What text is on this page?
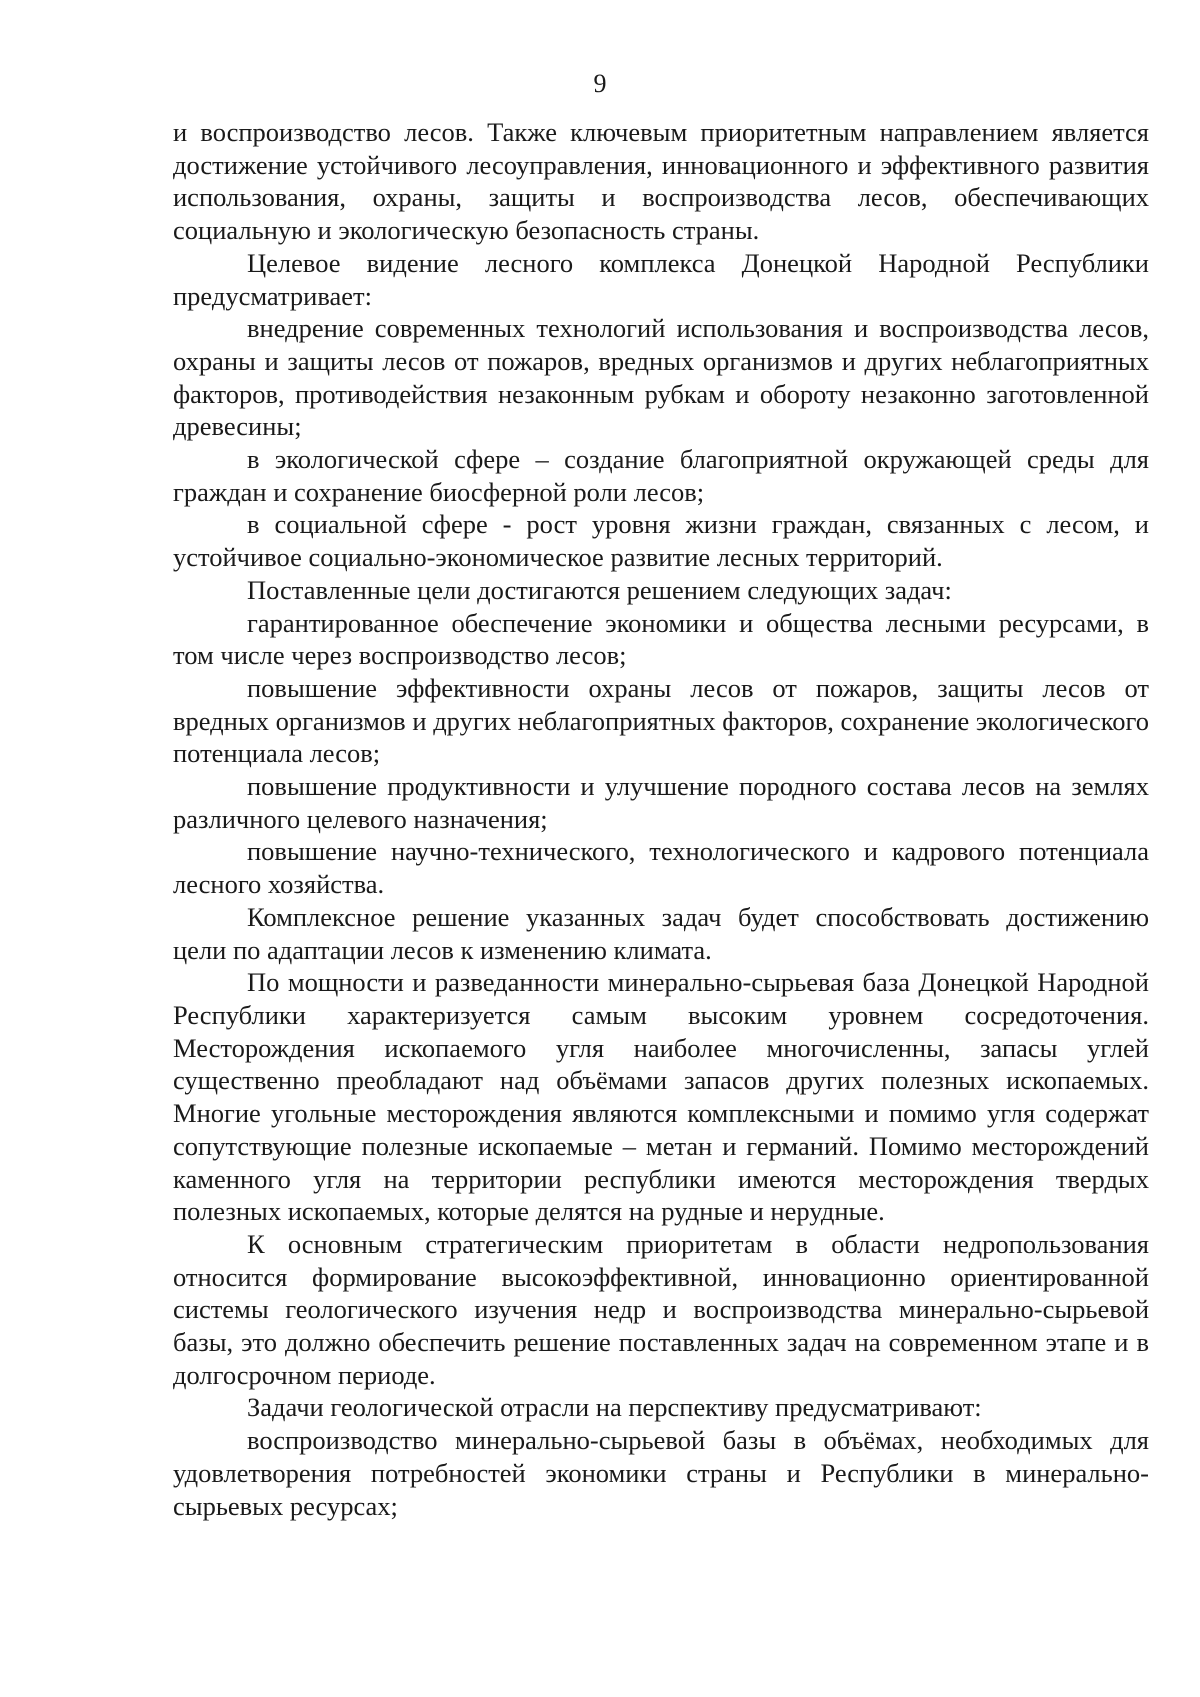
9

и воспроизводство лесов. Также ключевым приоритетным направлением является достижение устойчивого лесоуправления, инновационного и эффективного развития использования, охраны, защиты и воспроизводства лесов, обеспечивающих социальную и экологическую безопасность страны.

Целевое видение лесного комплекса Донецкой Народной Республики предусматривает:

внедрение современных технологий использования и воспроизводства лесов, охраны и защиты лесов от пожаров, вредных организмов и других неблагоприятных факторов, противодействия незаконным рубкам и обороту незаконно заготовленной древесины;

в экологической сфере – создание благоприятной окружающей среды для граждан и сохранение биосферной роли лесов;

в социальной сфере - рост уровня жизни граждан, связанных с лесом, и устойчивое социально-экономическое развитие лесных территорий.

Поставленные цели достигаются решением следующих задач:

гарантированное обеспечение экономики и общества лесными ресурсами, в том числе через воспроизводство лесов;

повышение эффективности охраны лесов от пожаров, защиты лесов от вредных организмов и других неблагоприятных факторов, сохранение экологического потенциала лесов;

повышение продуктивности и улучшение породного состава лесов на землях различного целевого назначения;

повышение научно-технического, технологического и кадрового потенциала лесного хозяйства.

Комплексное решение указанных задач будет способствовать достижению цели по адаптации лесов к изменению климата.

По мощности и разведанности минерально-сырьевая база Донецкой Народной Республики характеризуется самым высоким уровнем сосредоточения. Месторождения ископаемого угля наиболее многочисленны, запасы углей существенно преобладают над объёмами запасов других полезных ископаемых. Многие угольные месторождения являются комплексными и помимо угля содержат сопутствующие полезные ископаемые – метан и германий. Помимо месторождений каменного угля на территории республики имеются месторождения твердых полезных ископаемых, которые делятся на рудные и нерудные.

К основным стратегическим приоритетам в области недропользования относится формирование высокоэффективной, инновационно ориентированной системы геологического изучения недр и воспроизводства минерально-сырьевой базы, это должно обеспечить решение поставленных задач на современном этапе и в долгосрочном периоде.

Задачи геологической отрасли на перспективу предусматривают:

воспроизводство минерально-сырьевой базы в объёмах, необходимых для удовлетворения потребностей экономики страны и Республики в минерально-сырьевых ресурсах;
